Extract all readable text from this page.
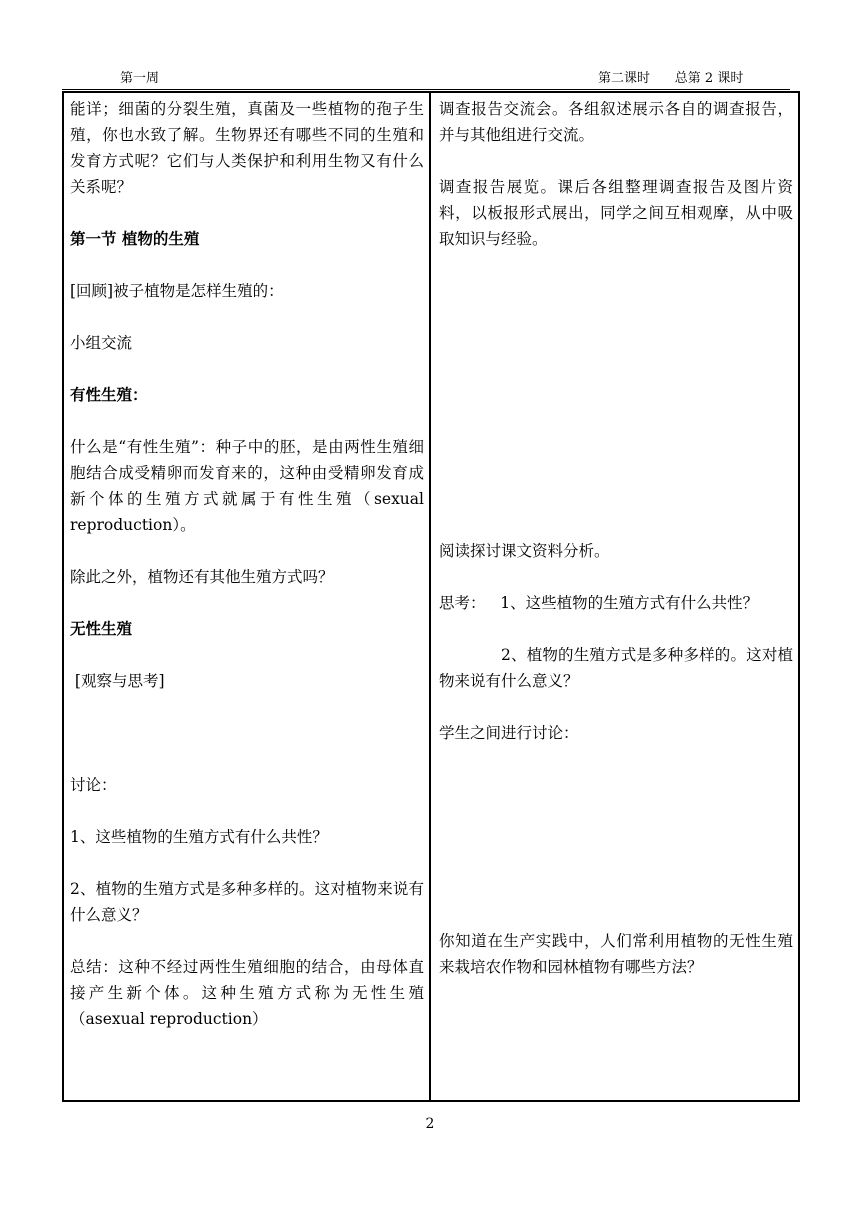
第一周	第二课时      总第 2 课时

能详；细菌的分裂生殖，真菌及一些植物的孢子生殖，你也水致了解。生物界还有哪些不同的生殖和发育方式呢？它们与人类保护和利用生物又有什么关系呢？

第一节 植物的生殖

[回顾]被子植物是怎样生殖的：

小组交流

有性生殖：

什么是“有性生殖”：种子中的胚，是由两性生殖细胞结合成受精卵而发育来的，这种由受精卵发育成新个体的生殖方式就属于有性生殖（sexual reproduction）。

除此之外，植物还有其他生殖方式吗？

无性生殖

[观察与思考]

讨论：

1、这些植物的生殖方式有什么共性？

2、植物的生殖方式是多种多样的。这对植物来说有什么意义？

总结：这种不经过两性生殖细胞的结合，由母体直接产生新个体。这种生殖方式称为无性生殖（asexual reproduction）

调查报告交流会。各组叙述展示各自的调查报告，并与其他组进行交流。

调查报告展览。课后各组整理调查报告及图片资料，以板报形式展出，同学之间互相观摩，从中吸取知识与经验。

阅读探讨课文资料分析。

思考：   1、这些植物的生殖方式有什么共性？

2、植物的生殖方式是多种多样的。这对植物来说有什么意义？

学生之间进行讨论：

你知道在生产实践中，人们常利用植物的无性生殖来栽培农作物和园林植物有哪些方法？

2
